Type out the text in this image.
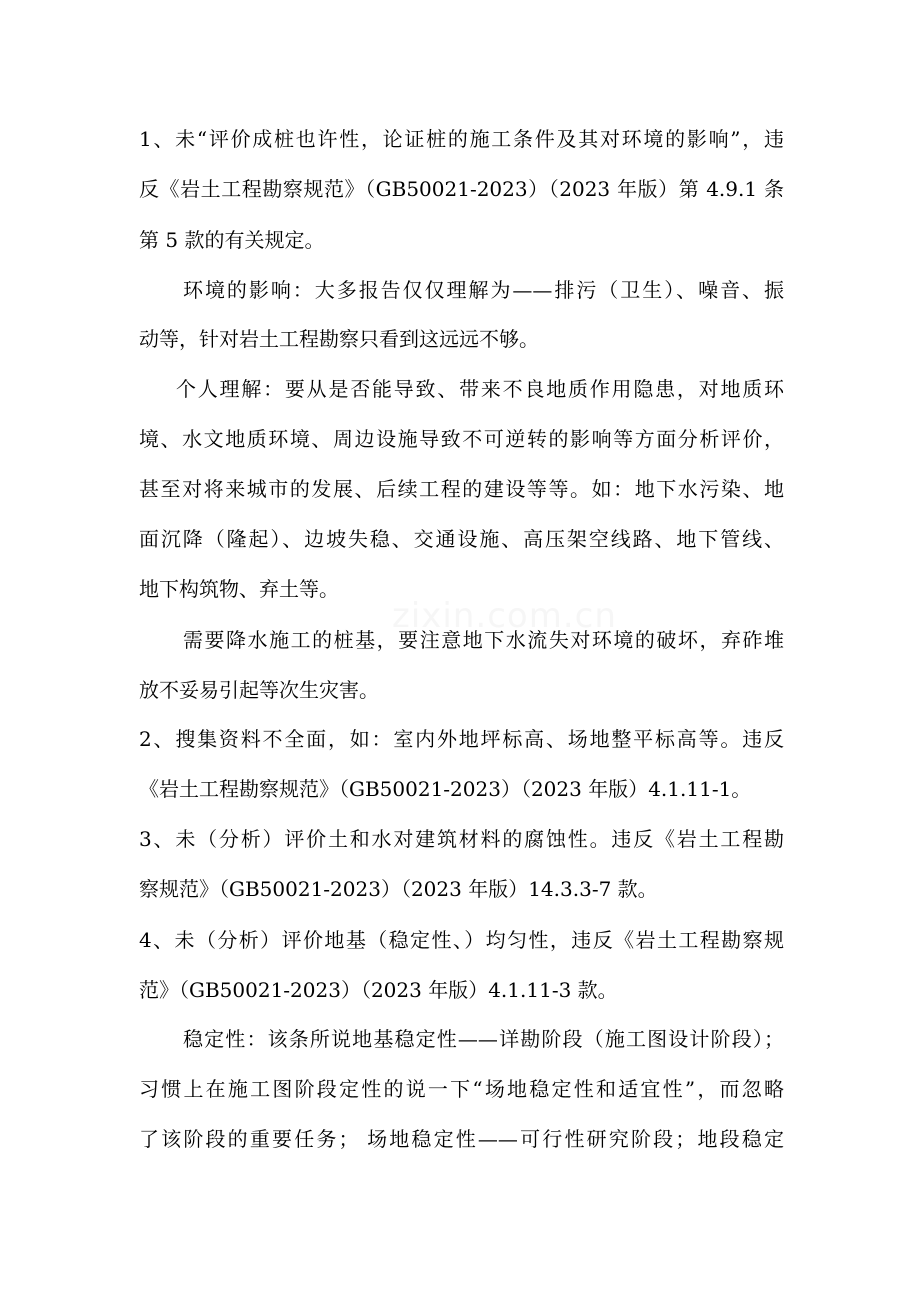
zixin.com.cn
1、未“评价成桩也许性，论证桩的施工条件及其对环境的影响”，违
反《岩土工程勘察规范》（GB50021-2023）（2023 年版）第 4.9.1 条
第 5 款的有关规定。
环境的影响：大多报告仅仅理解为——排污（卫生）、噪音、振
动等，针对岩土工程勘察只看到这远远不够。
个人理解：要从是否能导致、带来不良地质作用隐患，对地质环
境、水文地质环境、周边设施导致不可逆转的影响等方面分析评价，
甚至对将来城市的发展、后续工程的建设等等。如：地下水污染、地
面沉降（隆起）、边坡失稳、交通设施、高压架空线路、地下管线、
地下构筑物、弃土等。
需要降水施工的桩基，要注意地下水流失对环境的破坏，弃砟堆
放不妥易引起等次生灾害。
2、搜集资料不全面，如：室内外地坪标高、场地整平标高等。违反
《岩土工程勘察规范》（GB50021-2023）（2023 年版）4.1.11-1。
3、未（分析）评价土和水对建筑材料的腐蚀性。违反《岩土工程勘
察规范》（GB50021-2023）（2023 年版）14.3.3-7 款。
4、未（分析）评价地基（稳定性、）均匀性，违反《岩土工程勘察规
范》（GB50021-2023）（2023 年版）4.1.11-3 款。
稳定性：该条所说地基稳定性——详勘阶段（施工图设计阶段）；
习惯上在施工图阶段定性的说一下“场地稳定性和适宜性”，而忽略
了该阶段的重要任务； 场地稳定性——可行性研究阶段；地段稳定
